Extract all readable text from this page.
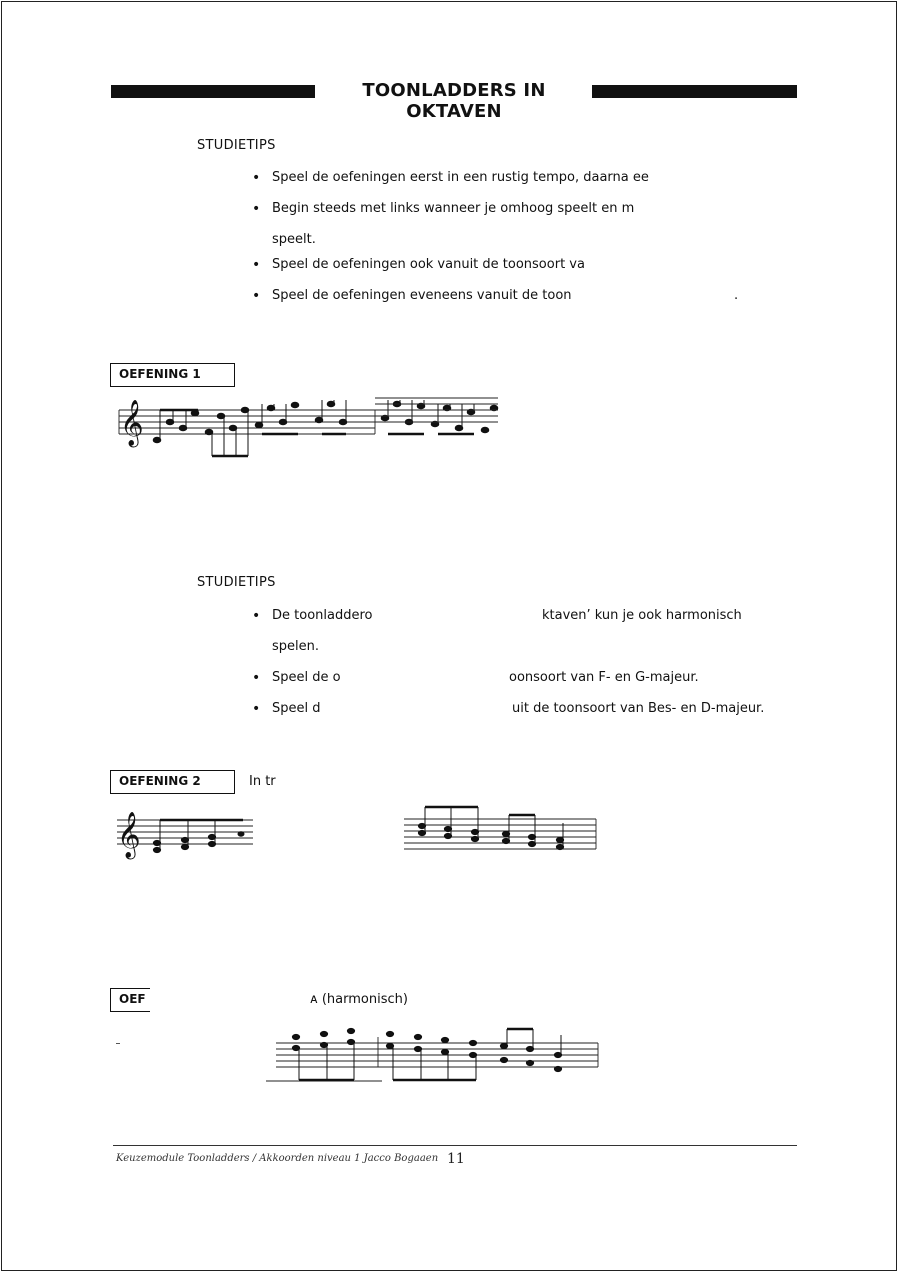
TOONLADDERS IN OKTAVEN
STUDIETIPS
• Speel de oefeningen eerst in een rustig tempo, daarna ee
• Begin steeds met links wanneer je omhoog speelt en m
speelt.
• Speel de oefeningen ook vanuit de toonsoort va
• Speel de oefeningen eveneens vanuit de toon	.
OEFENING 1
𝄞
STUDIETIPS
• De toonladdero	ktaven’ kun je ook harmonisch
spelen.
• Speel de o	oonsoort van F- en G-majeur.
• Speel d	uit de toonsoort van Bes- en D-majeur.
OEFENING 2	In tr
𝄞
OEF	ᴀ (harmonisch)
Keuzemodule Toonladders / Akkoorden niveau 1 Jacco Bogaaen 11
